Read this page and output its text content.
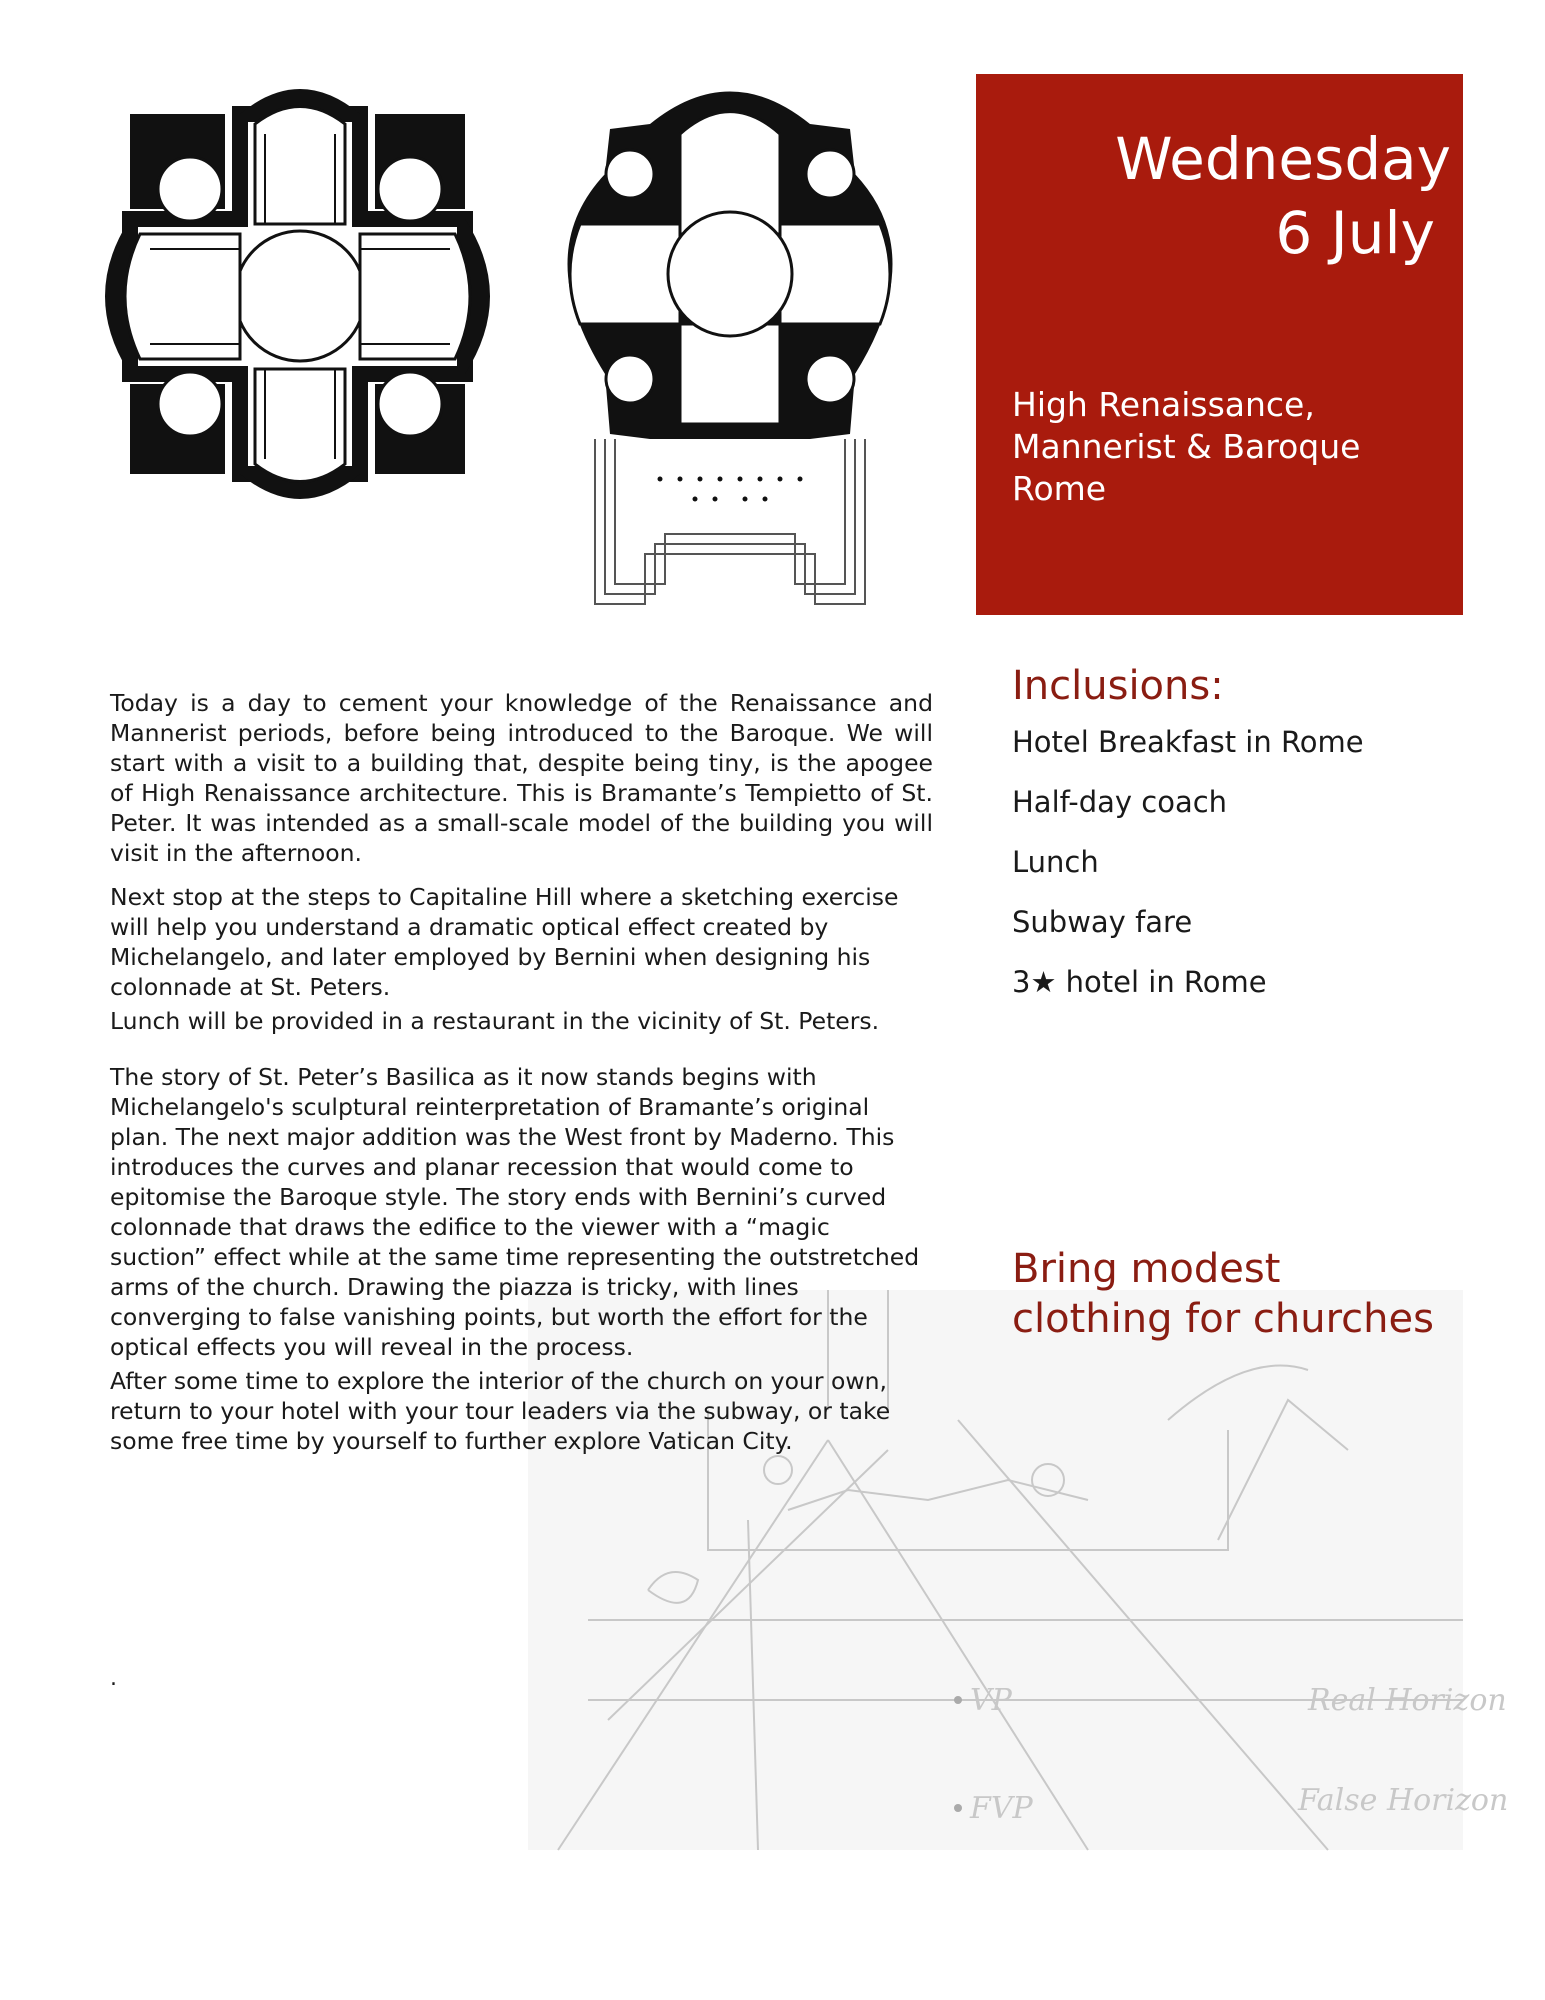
Wednesday
6 July
High Renaissance, Mannerist & Baroque Rome
VP
FVP
Real Horizon
False Horizon

Today is a day to cement your knowledge of the Renaissance and Mannerist periods, before being introduced to the Baroque. We will start with a visit to a building that, despite being tiny, is the apogee of High Renaissance architecture. This is Bramante’s Tempietto of St. Peter. It was intended as a small-scale model of the building you will visit in the afternoon.

Next stop at the steps to Capitaline Hill where a sketching exercise will help you understand a dramatic optical effect created by Michelangelo, and later employed by Bernini when designing his colonnade at St. Peters.

Lunch will be provided in a restaurant in the vicinity of St. Peters.

The story of St. Peter’s Basilica as it now stands begins with Michelangelo's sculptural reinterpretation of Bramante’s original plan. The next major addition was the West front by Maderno. This introduces the curves and planar recession that would come to epitomise the Baroque style. The story ends with Bernini’s curved colonnade that draws the edifice to the viewer with a “magic suction” effect while at the same time representing the outstretched arms of the church. Drawing the piazza is tricky, with lines converging to false vanishing points, but worth the effort for the optical effects you will reveal in the process.

After some time to explore the interior of the church on your own, return to your hotel with your tour leaders via the subway, or take some free time by yourself to further explore Vatican City.

Inclusions:
Hotel Breakfast in Rome
Half-day coach
Lunch
Subway fare
3★ hotel in Rome
Bring modest clothing for churches
.
